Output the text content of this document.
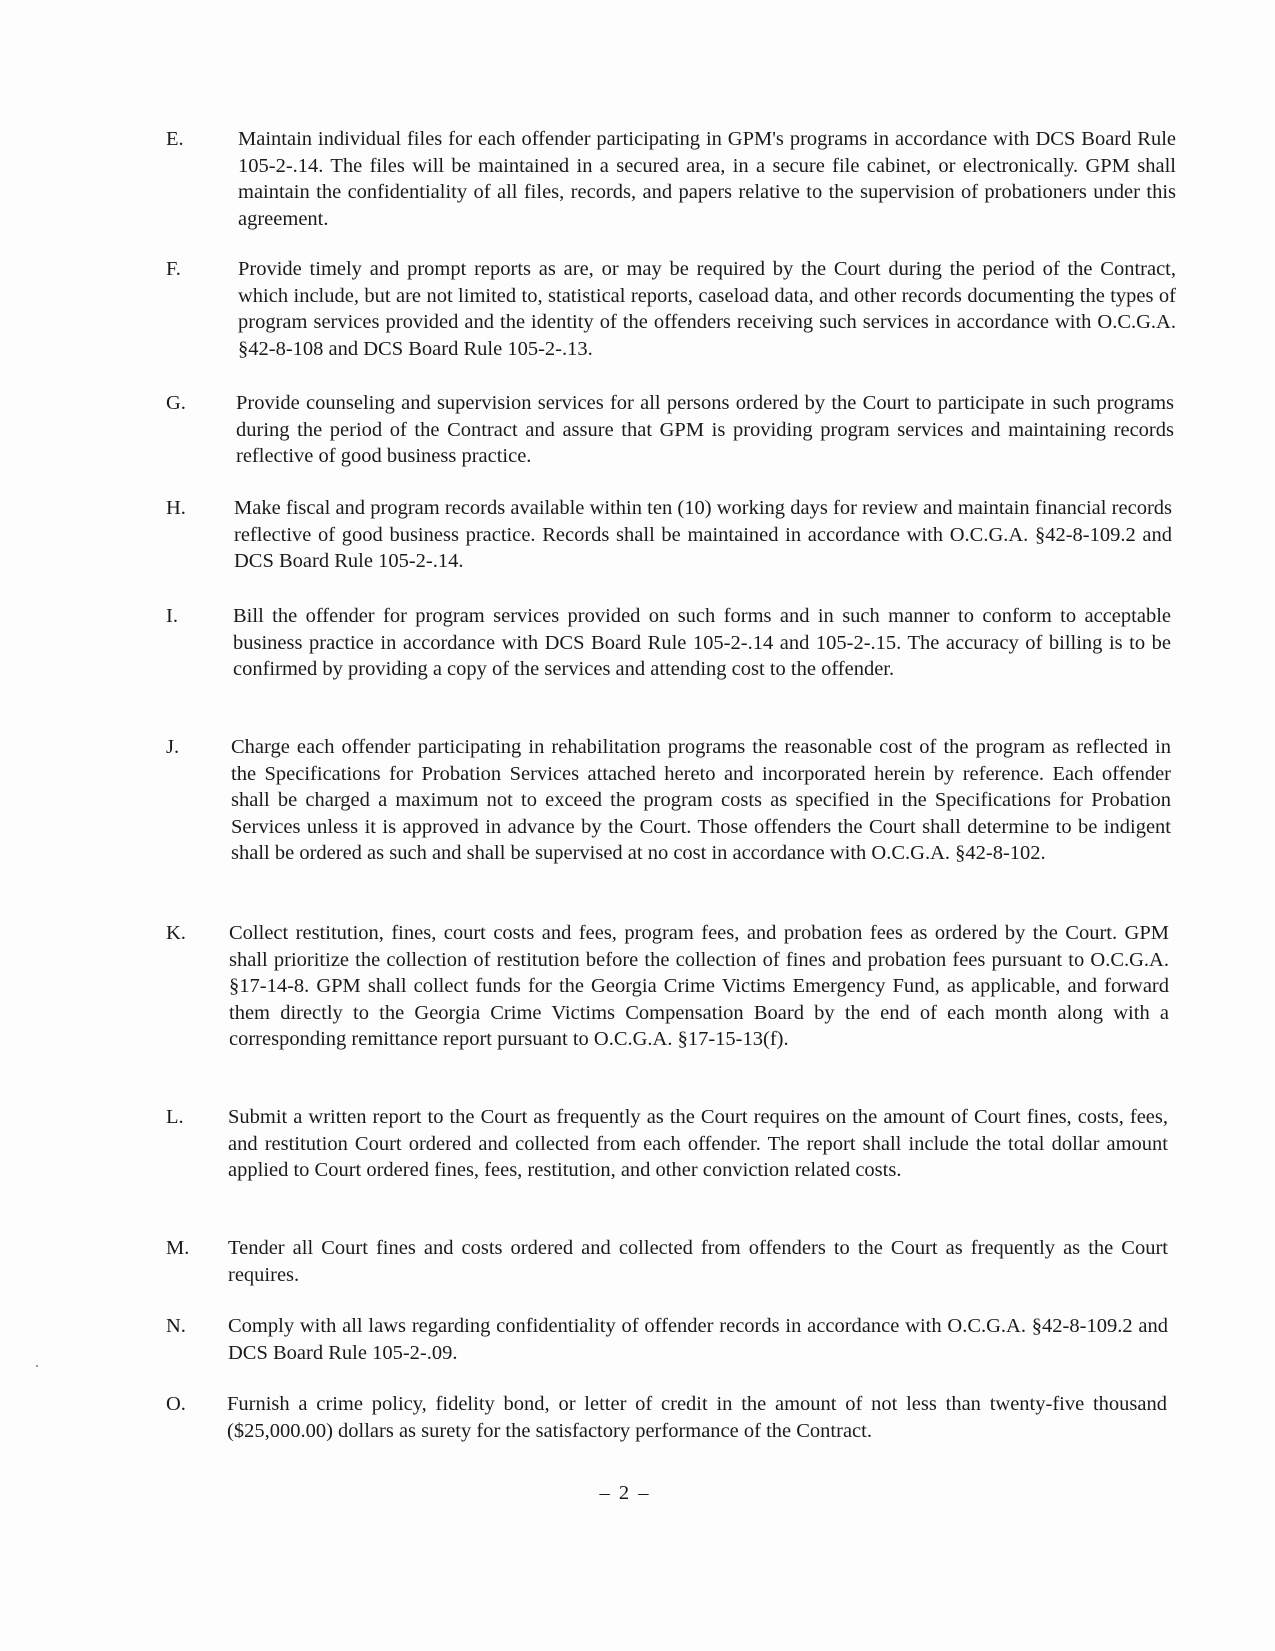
E.	Maintain individual files for each offender participating in GPM's programs in accordance with DCS Board Rule 105-2-.14. The files will be maintained in a secured area, in a secure file cabinet, or electronically. GPM shall maintain the confidentiality of all files, records, and papers relative to the supervision of probationers under this agreement.
F.	Provide timely and prompt reports as are, or may be required by the Court during the period of the Contract, which include, but are not limited to, statistical reports, caseload data, and other records documenting the types of program services provided and the identity of the offenders receiving such services in accordance with O.C.G.A. §42-8-108 and DCS Board Rule 105-2-.13.
G. Provide counseling and supervision services for all persons ordered by the Court to participate in such programs during the period of the Contract and assure that GPM is providing program services and maintaining records reflective of good business practice.
H. Make fiscal and program records available within ten (10) working days for review and maintain financial records reflective of good business practice. Records shall be maintained in accordance with O.C.G.A. §42-8-109.2 and DCS Board Rule 105-2-.14.
I.	Bill the offender for program services provided on such forms and in such manner to conform to acceptable business practice in accordance with DCS Board Rule 105-2-.14 and 105-2-.15. The accuracy of billing is to be confirmed by providing a copy of the services and attending cost to the offender.
J.	Charge each offender participating in rehabilitation programs the reasonable cost of the program as reflected in the Specifications for Probation Services attached hereto and incorporated herein by reference. Each offender shall be charged a maximum not to exceed the program costs as specified in the Specifications for Probation Services unless it is approved in advance by the Court. Those offenders the Court shall determine to be indigent shall be ordered as such and shall be supervised at no cost in accordance with O.C.G.A. §42-8-102.
K. Collect restitution, fines, court costs and fees, program fees, and probation fees as ordered by the Court. GPM shall prioritize the collection of restitution before the collection of fines and probation fees pursuant to O.C.G.A. §17-14-8. GPM shall collect funds for the Georgia Crime Victims Emergency Fund, as applicable, and forward them directly to the Georgia Crime Victims Compensation Board by the end of each month along with a corresponding remittance report pursuant to O.C.G.A. §17-15-13(f).
L. Submit a written report to the Court as frequently as the Court requires on the amount of Court fines, costs, fees, and restitution Court ordered and collected from each offender. The report shall include the total dollar amount applied to Court ordered fines, fees, restitution, and other conviction related costs.
M. Tender all Court fines and costs ordered and collected from offenders to the Court as frequently as the Court requires.
N. Comply with all laws regarding confidentiality of offender records in accordance with O.C.G.A. §42-8-109.2 and DCS Board Rule 105-2-.09.
O. Furnish a crime policy, fidelity bond, or letter of credit in the amount of not less than twenty-five thousand ($25,000.00) dollars as surety for the satisfactory performance of the Contract.
– 2 –
